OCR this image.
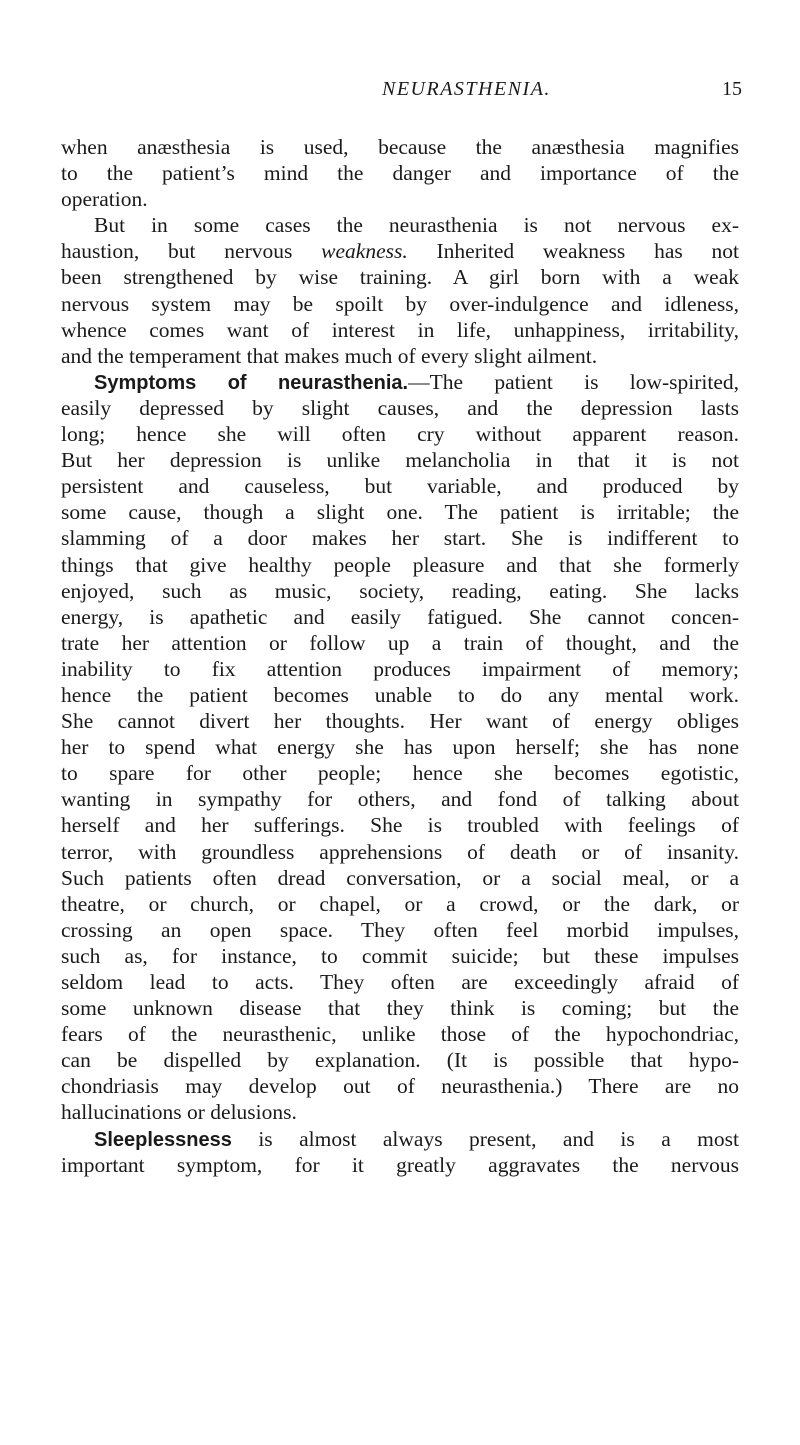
NEURASTHENIA.	15
when anæsthesia is used, because the anæsthesia magnifies
to the patient’s mind the danger and importance of the
operation.
But in some cases the neurasthenia is not nervous ex-
haustion, but nervous weakness. Inherited weakness has not
been strengthened by wise training. A girl born with a weak
nervous system may be spoilt by over-indulgence and idleness,
whence comes want of interest in life, unhappiness, irritability,
and the temperament that makes much of every slight ailment.
Symptoms of neurasthenia.—The patient is low-spirited,
easily depressed by slight causes, and the depression lasts
long; hence she will often cry without apparent reason.
But her depression is unlike melancholia in that it is not
persistent and causeless, but variable, and produced by
some cause, though a slight one. The patient is irritable; the
slamming of a door makes her start. She is indifferent to
things that give healthy people pleasure and that she formerly
enjoyed, such as music, society, reading, eating. She lacks
energy, is apathetic and easily fatigued. She cannot concen-
trate her attention or follow up a train of thought, and the
inability to fix attention produces impairment of memory;
hence the patient becomes unable to do any mental work.
She cannot divert her thoughts. Her want of energy obliges
her to spend what energy she has upon herself; she has none
to spare for other people; hence she becomes egotistic,
wanting in sympathy for others, and fond of talking about
herself and her sufferings. She is troubled with feelings of
terror, with groundless apprehensions of death or of insanity.
Such patients often dread conversation, or a social meal, or a
theatre, or church, or chapel, or a crowd, or the dark, or
crossing an open space. They often feel morbid impulses,
such as, for instance, to commit suicide; but these impulses
seldom lead to acts. They often are exceedingly afraid of
some unknown disease that they think is coming; but the
fears of the neurasthenic, unlike those of the hypochondriac,
can be dispelled by explanation. (It is possible that hypo-
chondriasis may develop out of neurasthenia.) There are no
hallucinations or delusions.
Sleeplessness is almost always present, and is a most
important symptom, for it greatly aggravates the nervous
